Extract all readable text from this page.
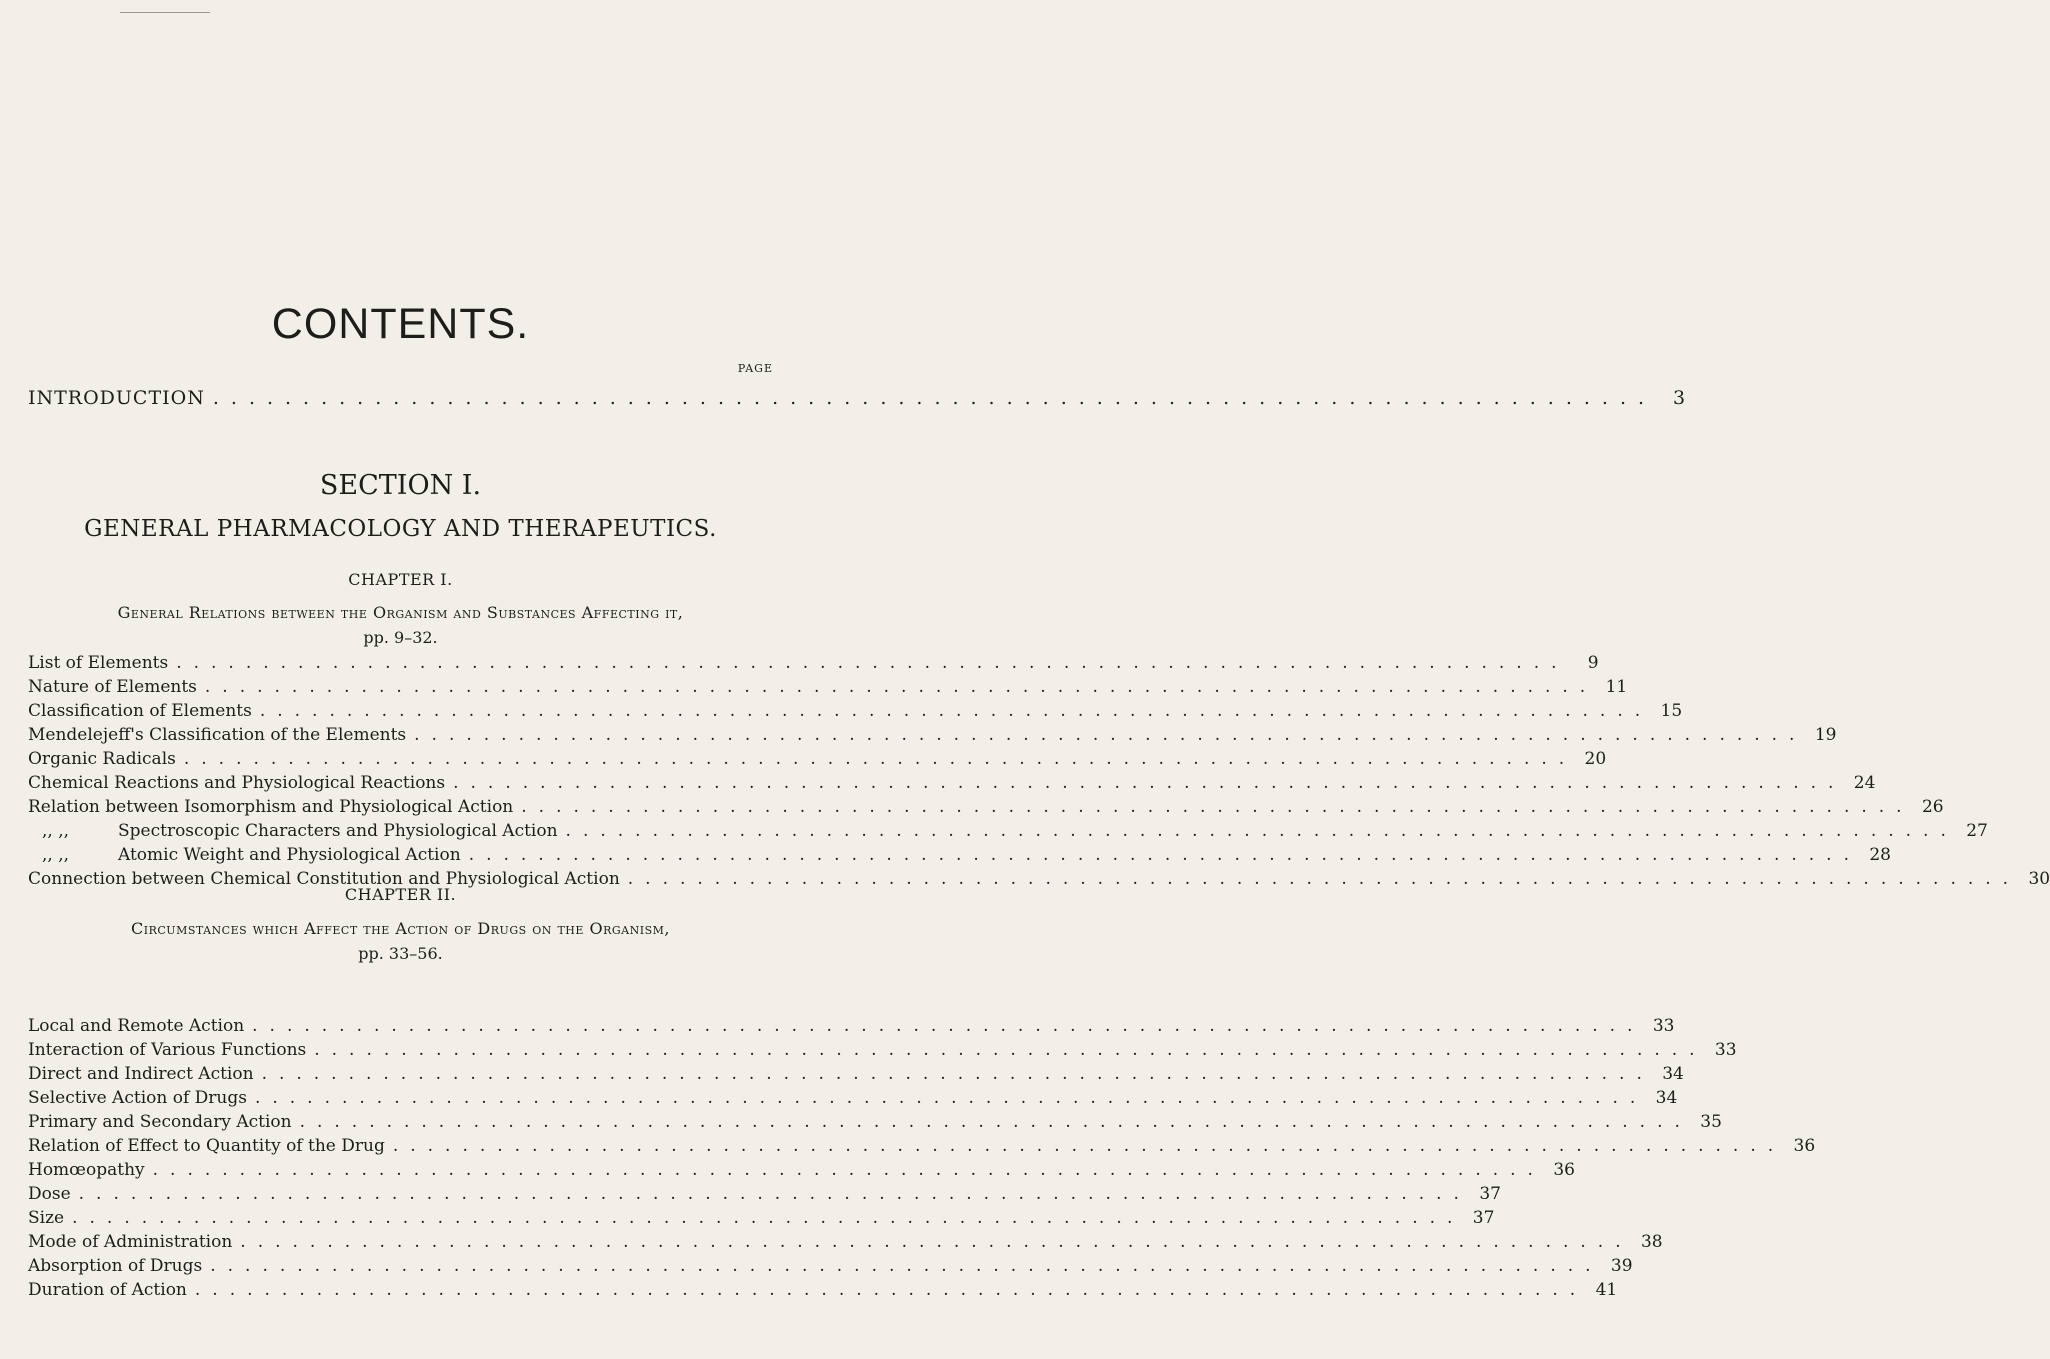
CONTENTS.
PAGE
INTRODUCTION ................................................................................ 3
SECTION I.
GENERAL PHARMACOLOGY AND THERAPEUTICS.
CHAPTER I.
General Relations between the Organism and Substances Affecting it,
pp. 9–32.
List of Elements ................................................................................	9
Nature of Elements ................................................................................ 11
Classification of Elements ................................................................................ 15
Mendelejeff's Classification of the Elements ................................................................................ 19
Organic Radicals ................................................................................ 20
Chemical Reactions and Physiological Reactions ................................................................................ 24
Relation between Isomorphism and Physiological Action ................................................................................ 26
,, ,,	Spectroscopic Characters and Physiological Action ................................................................................ 27
,, ,,	Atomic Weight and Physiological Action ................................................................................ 28
Connection between Chemical Constitution and Physiological Action ................................................................................ 30
CHAPTER II.
Circumstances which Affect the Action of Drugs on the Organism,
pp. 33–56.
Local and Remote Action ................................................................................ 33
Interaction of Various Functions ................................................................................ 33
Direct and Indirect Action ................................................................................ 34
Selective Action of Drugs ................................................................................ 34
Primary and Secondary Action ................................................................................ 35
Relation of Effect to Quantity of the Drug ................................................................................ 36
Homœopathy ................................................................................ 36
Dose ................................................................................ 37
Size ................................................................................ 37
Mode of Administration ................................................................................ 38
Absorption of Drugs ................................................................................ 39
Duration of Action ................................................................................ 41
